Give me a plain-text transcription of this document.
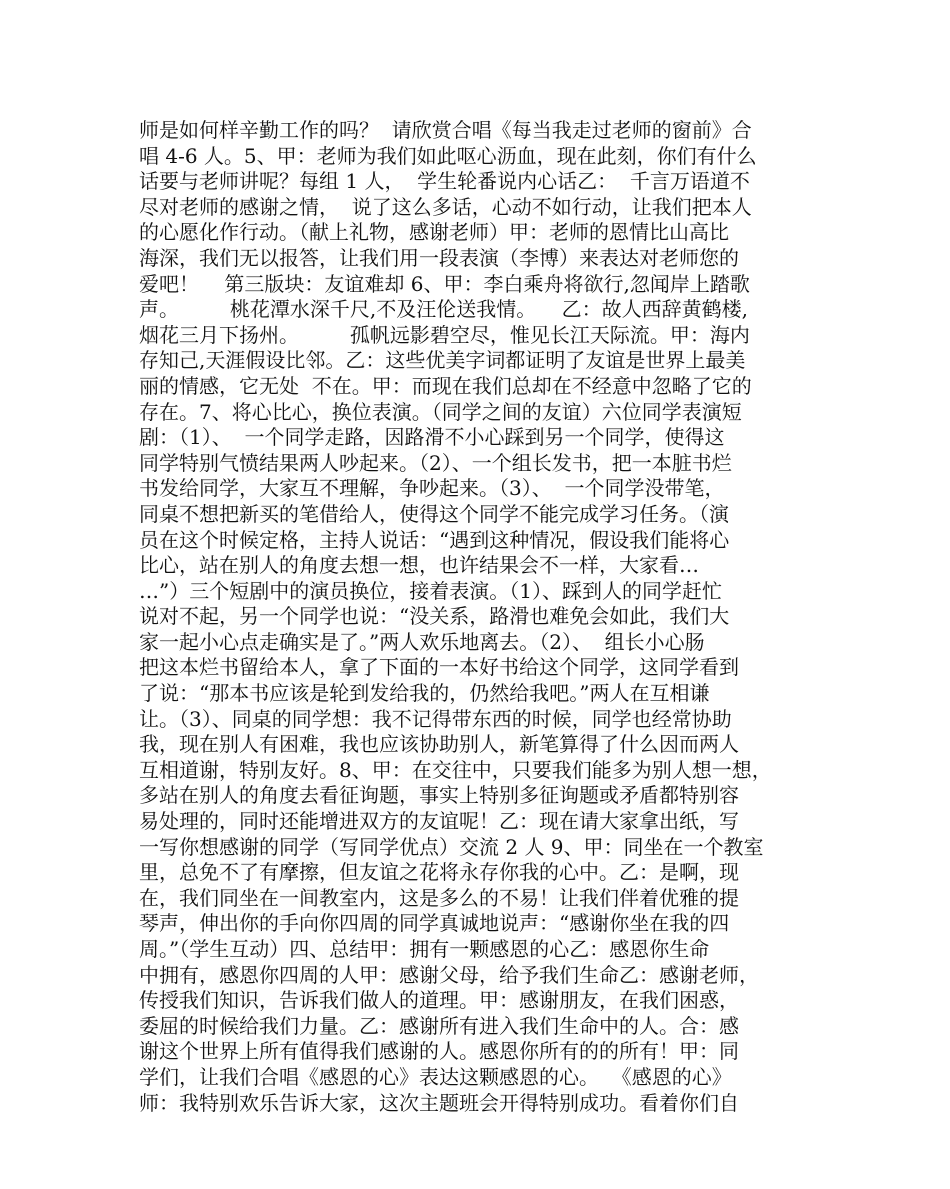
师是如何样辛勤工作的吗？  请欣赏合唱《每当我走过老师的窗前》合
唱 4-6 人。5、甲：老师为我们如此呕心沥血，现在此刻，你们有什么
话要与老师讲呢？每组 1 人，  学生轮番说内心话乙：  千言万语道不
尽对老师的感谢之情，  说了这么多话，心动不如行动，让我们把本人
的心愿化作行动。（献上礼物，感谢老师）甲：老师的恩情比山高比
海深，我们无以报答，让我们用一段表演（李博）来表达对老师您的
爱吧！    第三版块：友谊难却 6、甲：李白乘舟将欲行,忽闻岸上踏歌
声。        桃花潭水深千尺,不及汪伦送我情。    乙：故人西辞黄鹤楼,
烟花三月下扬州。        孤帆远影碧空尽，惟见长江天际流。甲：海内
存知己,天涯假设比邻。乙：这些优美字词都证明了友谊是世界上最美
丽的情感，它无处  不在。甲：而现在我们总却在不经意中忽略了它的
存在。7、将心比心，换位表演。（同学之间的友谊）六位同学表演短
剧：（1）、  一个同学走路，因路滑不小心踩到另一个同学，使得这
同学特别气愤结果两人吵起来。（2）、一个组长发书，把一本脏书烂
书发给同学，大家互不理解，争吵起来。（3）、  一个同学没带笔，
同桌不想把新买的笔借给人，使得这个同学不能完成学习任务。（演
员在这个时候定格，主持人说话：“遇到这种情况，假设我们能将心
比心，站在别人的角度去想一想，也许结果会不一样，大家看…
…”）三个短剧中的演员换位，接着表演。（1）、踩到人的同学赶忙
说对不起，另一个同学也说：“没关系，路滑也难免会如此，我们大
家一起小心点走确实是了。”两人欢乐地离去。（2）、  组长小心肠
把这本烂书留给本人，拿了下面的一本好书给这个同学，这同学看到
了说：“那本书应该是轮到发给我的，仍然给我吧。”两人在互相谦
让。（3）、同桌的同学想：我不记得带东西的时候，同学也经常协助
我，现在别人有困难，我也应该协助别人，新笔算得了什么因而两人
互相道谢，特别友好。8、甲：在交往中，只要我们能多为别人想一想，
多站在别人的角度去看征询题，事实上特别多征询题或矛盾都特别容
易处理的，同时还能增进双方的友谊呢！乙：现在请大家拿出纸，写
一写你想感谢的同学（写同学优点）交流 2 人 9、甲：同坐在一个教室
里，总免不了有摩擦，但友谊之花将永存你我的心中。乙：是啊，现
在，我们同坐在一间教室内，这是多么的不易！让我们伴着优雅的提
琴声，伸出你的手向你四周的同学真诚地说声：“感谢你坐在我的四
周。”（学生互动）四、总结甲：拥有一颗感恩的心乙：感恩你生命
中拥有，感恩你四周的人甲：感谢父母，给予我们生命乙：感谢老师，
传授我们知识，告诉我们做人的道理。甲：感谢朋友，在我们困惑，
委屈的时候给我们力量。乙：感谢所有进入我们生命中的人。合：感
谢这个世界上所有值得我们感谢的人。感恩你所有的的所有！甲：同
学们，让我们合唱《感恩的心》表达这颗感恩的心。  《感恩的心》
师：我特别欢乐告诉大家，这次主题班会开得特别成功。看着你们自
